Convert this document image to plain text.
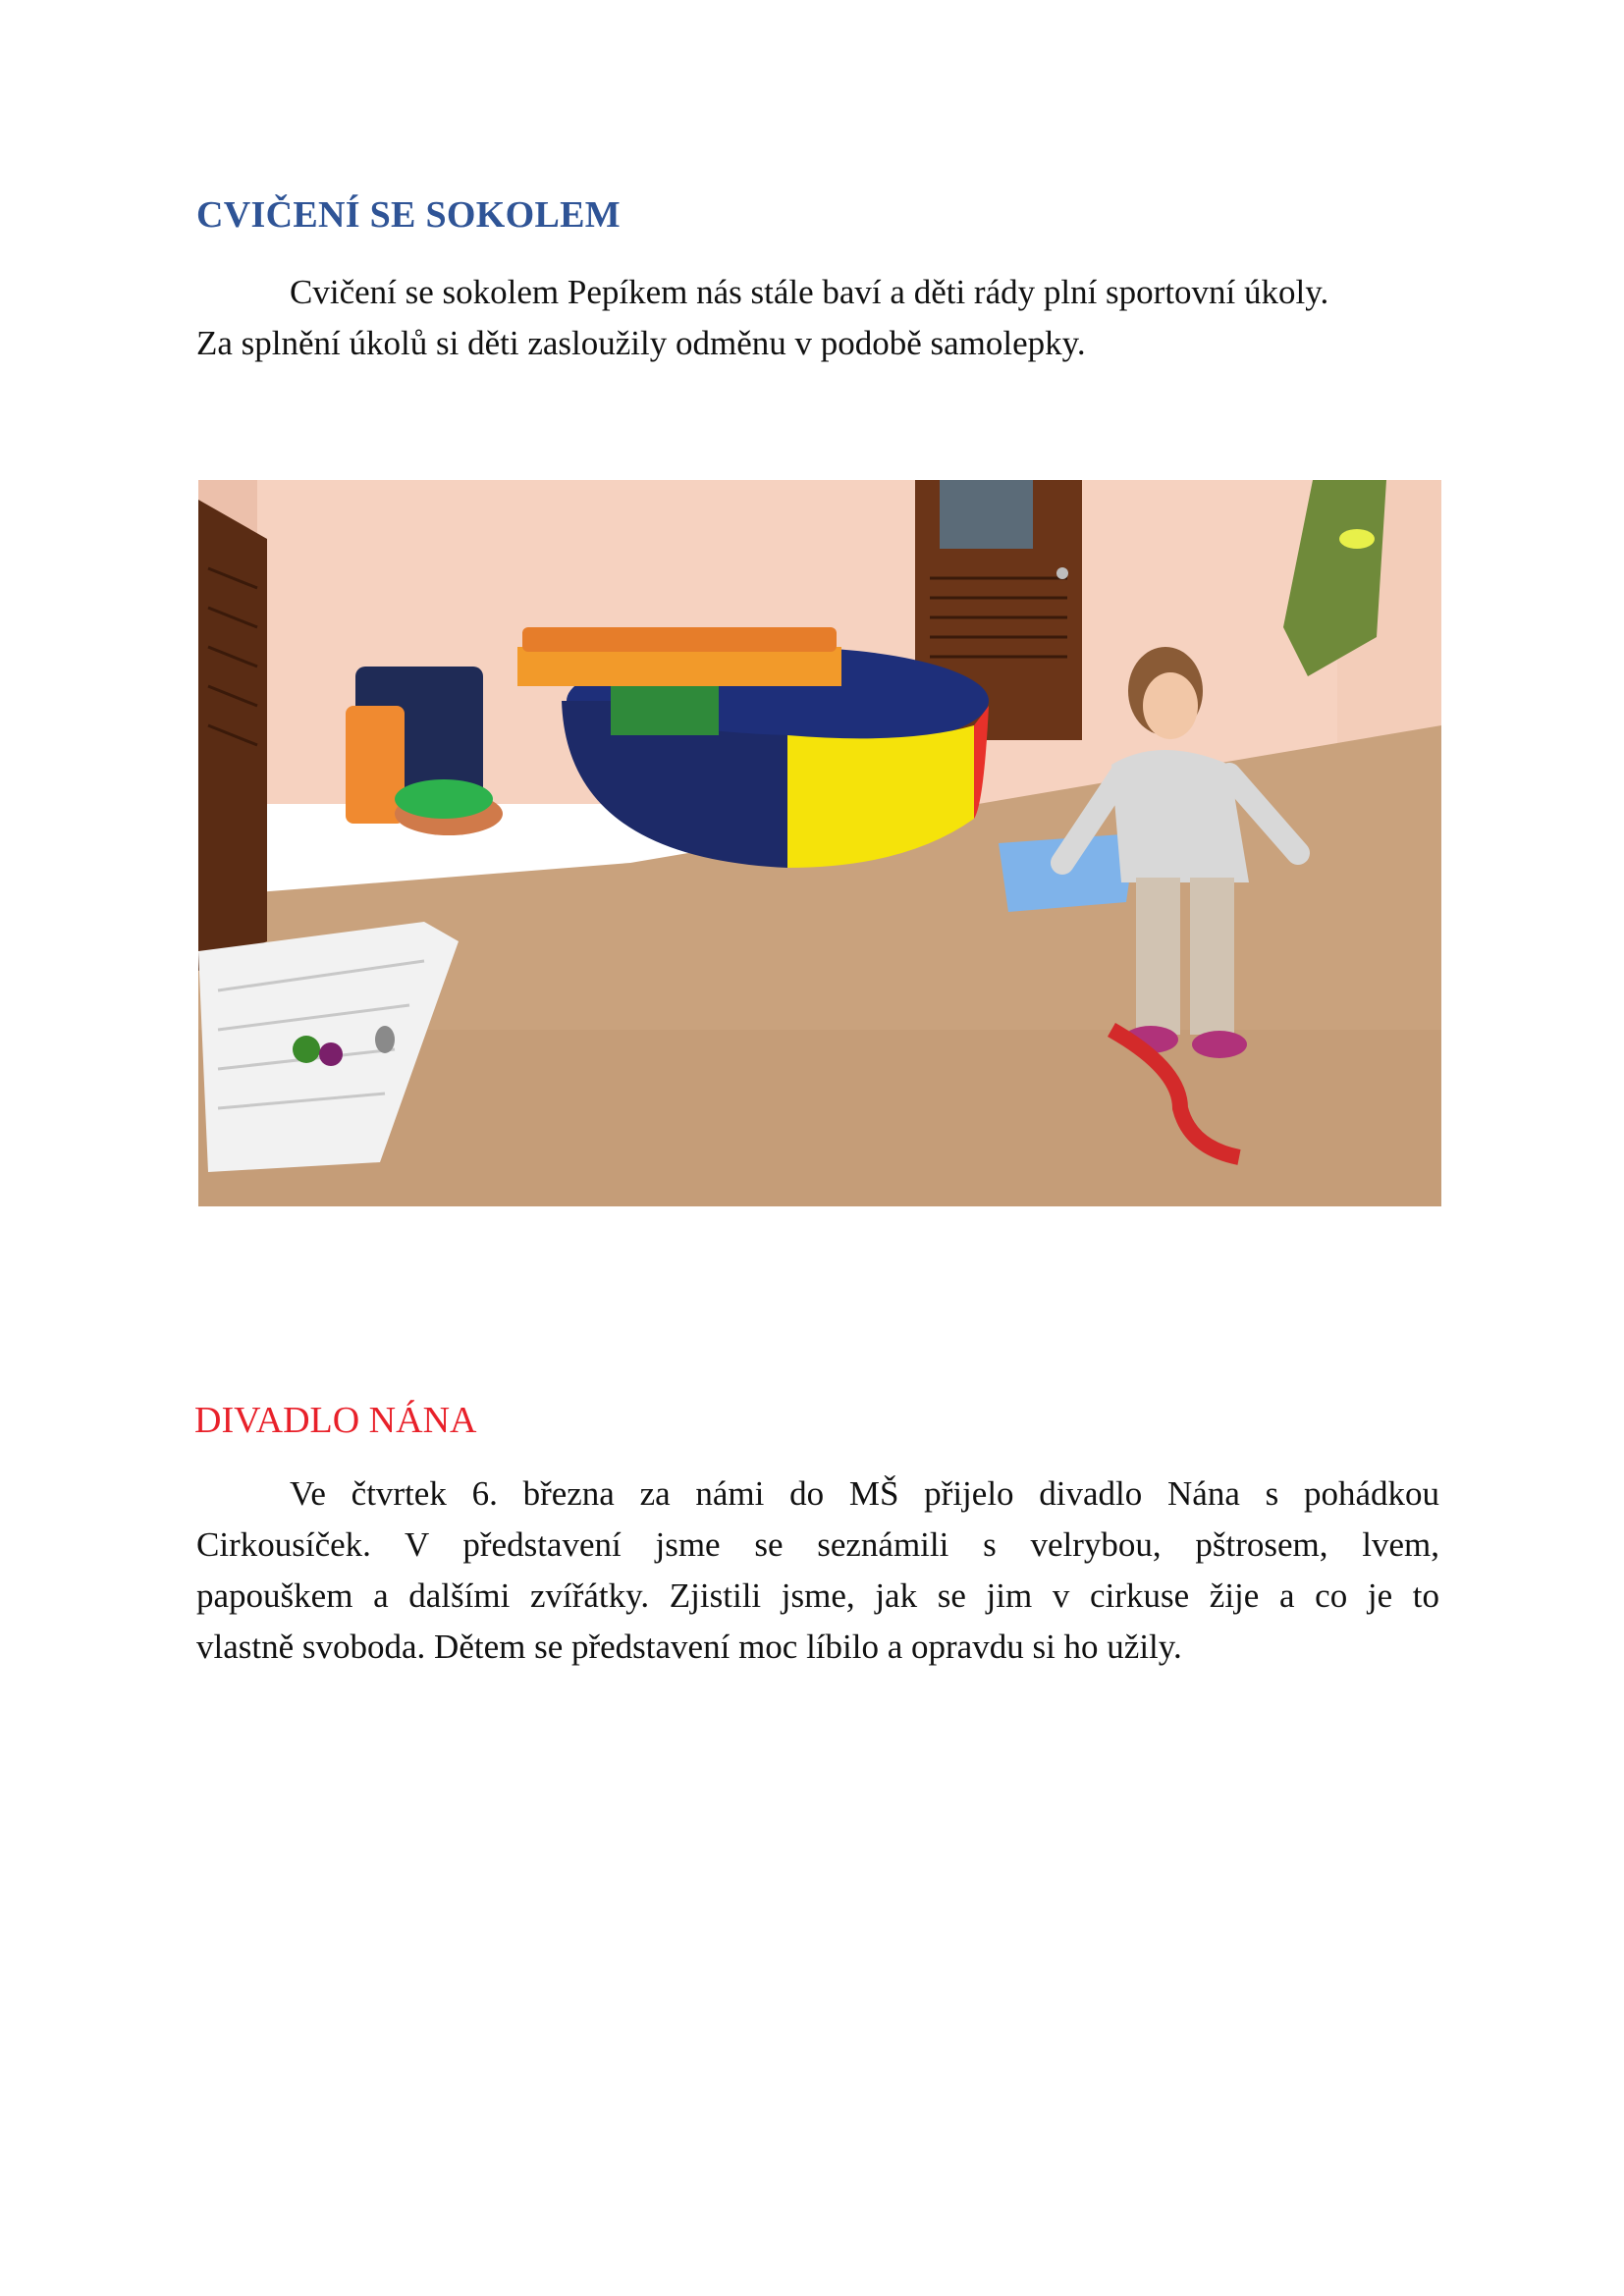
CVIČENÍ SE SOKOLEM

Cvičení se sokolem Pepíkem nás stále baví a děti rády plní sportovní úkoly.
Za splnění úkolů si děti zasloužily odměnu v podobě samolepky.

DIVADLO NÁNA

Ve čtvrtek 6. března za námi do MŠ přijelo divadlo Nána s pohádkou
Cirkousíček. V představení jsme se seznámili s velrybou, pštrosem, lvem,
papouškem a dalšími zvířátky. Zjistili jsme, jak se jim v cirkuse žije a co je to
vlastně svoboda. Dětem se představení moc líbilo a opravdu si ho užily.
